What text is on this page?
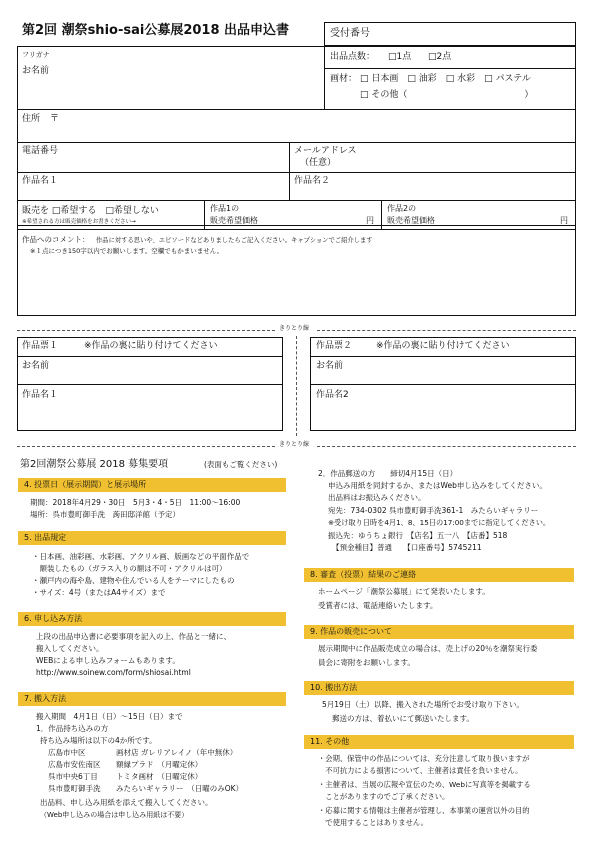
第2回 潮祭shio-sai公募展2018 出品申込書	受付番号
フリガナ
お名前
出品点数： □1点 □2点
画材： □ 日本画　□ 油彩　□ 水彩　□ パステル
□ その他（　　　　　　　　　　　　　）
住所 〒
電話番号	メールアドレス
（任意）
作品名１	作品名２
販売を □希望する　□希望しない
※希望される方は販売価格をお書きください→
作品1の
販売希望価格	円
作品2の
販売希望価格	円
作品へのコメント： 作品に対する思いや、エピソードなどありましたらご記入ください。キャプションでご紹介します
※１点につき150字以内でお願いします。空欄でもかまいません。
きりとり線
作品票１	※作品の裏に貼り付けてください
お名前
作品名１
作品票２	※作品の裏に貼り付けてください
お名前
作品名2
きりとり線
第2回潮祭公募展 2018 募集要項	(表面もご覧ください)
4. 投票日（展示期間）と展示場所
期間：2018年4月29・30日　5月3・4・5日　11:00〜16:00
場所：呉市豊町御手洗　蒟田邸洋館（予定）
5. 出品規定
・日本画、油彩画、水彩画、アクリル画、版画などの平面作品で
　額装したもの（ガラス入りの額は不可・アクリルは可）
・瀬戸内の海や島、建物や住んでいる人をテーマにしたもの
・サイズ：4号（またはA4サイズ）まで
6. 申し込み方法
上段の出品申込書に必要事項を記入の上、作品と一緒に、
搬入してください。
WEBによる申し込みフォームもあります。
http://www.soinew.com/form/shiosai.html
7. 搬入方法
搬入期間　4月1日（日）〜15日（日）まで
1．作品持ち込みの方
持ち込み場所は以下の4か所です。
広島市中区	画材店 ガレリアレイノ（年中無休）
広島市安佐南区 額縁プラド　（月曜定休）
呉市中央6丁目 トミタ画材　（日曜定休）
呉市豊町御手洗 みたらいギャラリー　（日曜のみOK）
出品料、申し込み用紙を添えて搬入してください。
（Web申し込みの場合は申し込み用紙は不要）
2．作品郵送の方　　締切4月15日（日）
申込み用紙を同封するか、またはWeb申し込みをしてください。
出品料はお振込みください。
宛先：734-0302 呉市豊町御手洗361-1　みたらいギャラリー
※受け取り日時を4月1、8、15日の17:00までに指定してください。
振込先：ゆうちょ銀行　【店名】五一八　【店番】518
【預金種目】普通　　【口座番号】5745211
8. 審査（投票）結果のご連絡
ホームページ「潮祭公募展」にて発表いたします。
受賞者には、電話連絡いたします。
9. 作品の販売について
展示期間中に作品販売成立の場合は、売上げの20％を潮祭実行委
員会に寄附をお願いします。
10. 搬出方法
5月19日（土）以降、搬入された場所でお受け取り下さい。
郵送の方は、着払いにて郵送いたします。
11. その他
・会期、保管中の作品については、充分注意して取り扱いますが
　不可抗力による損害について、主催者は責任を負いません。
・主催者は、当展の広報や宣伝のため、Webに写真等を掲載する
　ことがありますのでご了承ください。
・応募に関する情報は主催者が管理し、本事業の運営以外の目的
　で使用することはありません。
